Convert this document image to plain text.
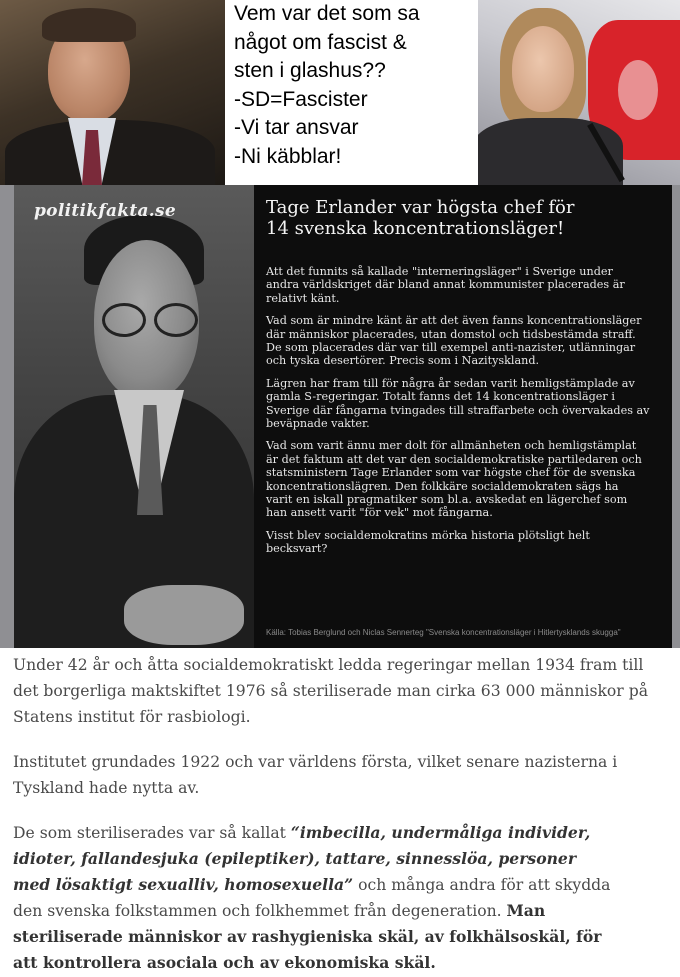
Vem var det som sa
något om fascist &
sten i glashus??
-SD=Fascister
-Vi tar ansvar
-Ni käbblar!
politikfakta.se	Tage Erlander var högsta chef för
14 svenska koncentrationsläger!
Att det funnits så kallade "interneringsläger" i Sverige under
andra världskriget där bland annat kommunister placerades är
relativt känt.
Vad som är mindre känt är att det även fanns koncentrationsläger
där människor placerades, utan domstol och tidsbestämda straff.
De som placerades där var till exempel anti-nazister, utlänningar
och tyska desertörer. Precis som i Nazityskland.
Lägren har fram till för några år sedan varit hemligstämplade av
gamla S-regeringar. Totalt fanns det 14 koncentrationsläger i
Sverige där fångarna tvingades till straffarbete och övervakades av
beväpnade vakter.
Vad som varit ännu mer dolt för allmänheten och hemligstämplat
är det faktum att det var den socialdemokratiske partiledaren och
statsministern Tage Erlander som var högste chef för de svenska
koncentrationslägren. Den folkkäre socialdemokraten sägs ha
varit en iskall pragmatiker som bl.a. avskedat en lägerchef som
han ansett varit "för vek" mot fångarna.
Visst blev socialdemokratins mörka historia plötsligt helt
becksvart?
Källa: Tobias Berglund och Niclas Sennerteg "Svenska koncentrationsläger i Hitlertysklands skugga"
Under 42 år och åtta socialdemokratiskt ledda regeringar mellan 1934 fram till
det borgerliga maktskiftet 1976 så steriliserade man cirka 63 000 människor på
Statens institut för rasbiologi.
Institutet grundades 1922 och var världens första, vilket senare nazisterna i
Tyskland hade nytta av.
De som steriliserades var så kallat “imbecilla, undermåliga individer,
idioter, fallandesjuka (epileptiker), tattare, sinnesslöa, personer
med lösaktigt sexualliv, homosexuella” och många andra för att skydda
den svenska folkstammen och folkhemmet från degeneration. Man
steriliserade människor av rashygieniska skäl, av folkhälsoskäl, för
att kontrollera asociala och av ekonomiska skäl.
